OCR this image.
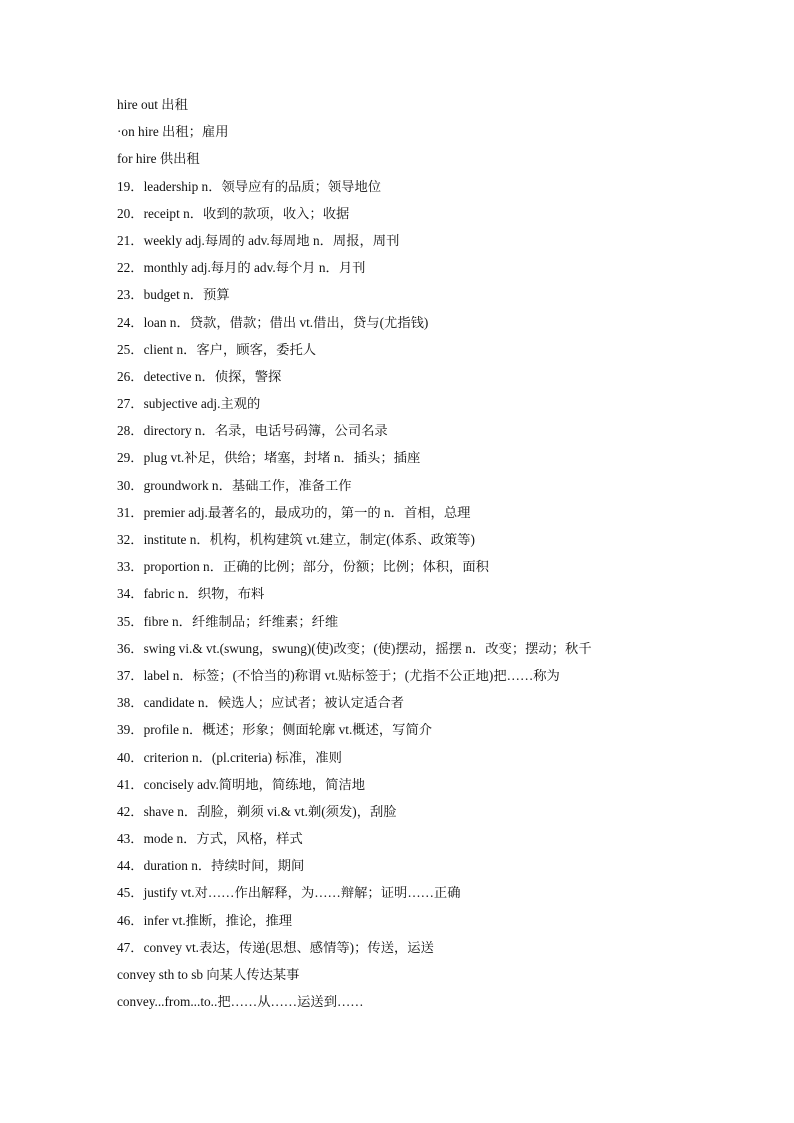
hire out 出租
·on hire 出租；雇用
for hire 供出租
19．leadership n．领导应有的品质；领导地位
20．receipt n．收到的款项，收入；收据
21．weekly adj.每周的 adv.每周地 n．周报，周刊
22．monthly adj.每月的 adv.每个月 n．月刊
23．budget n．预算
24．loan n．贷款，借款；借出 vt.借出，贷与(尤指钱)
25．client n．客户，顾客，委托人
26．detective n．侦探，警探
27．subjective adj.主观的
28．directory n．名录，电话号码簿，公司名录
29．plug vt.补足，供给；堵塞，封堵 n．插头；插座
30．groundwork n．基础工作，准备工作
31．premier adj.最著名的，最成功的，第一的 n．首相，总理
32．institute n．机构，机构建筑 vt.建立，制定(体系、政策等)
33．proportion n．正确的比例；部分，份额；比例；体积，面积
34．fabric n．织物，布料
35．fibre n．纤维制品；纤维素；纤维
36．swing vi.& vt.(swung，swung)(使)改变；(使)摆动，摇摆 n．改变；摆动；秋千
37．label n．标签；(不恰当的)称谓 vt.贴标签于；(尤指不公正地)把……称为
38．candidate n．候选人；应试者；被认定适合者
39．profile n．概述；形象；侧面轮廓 vt.概述，写简介
40．criterion n．(pl.criteria) 标准，准则
41．concisely adv.简明地，简练地，简洁地
42．shave n．刮脸，剃须 vi.& vt.剃(须发)，刮脸
43．mode n．方式，风格，样式
44．duration n．持续时间，期间
45．justify vt.对……作出解释，为……辩解；证明……正确
46．infer vt.推断，推论，推理
47．convey vt.表达，传递(思想、感情等)；传送，运送
convey sth to sb 向某人传达某事
convey...from...to..把……从……运送到……
